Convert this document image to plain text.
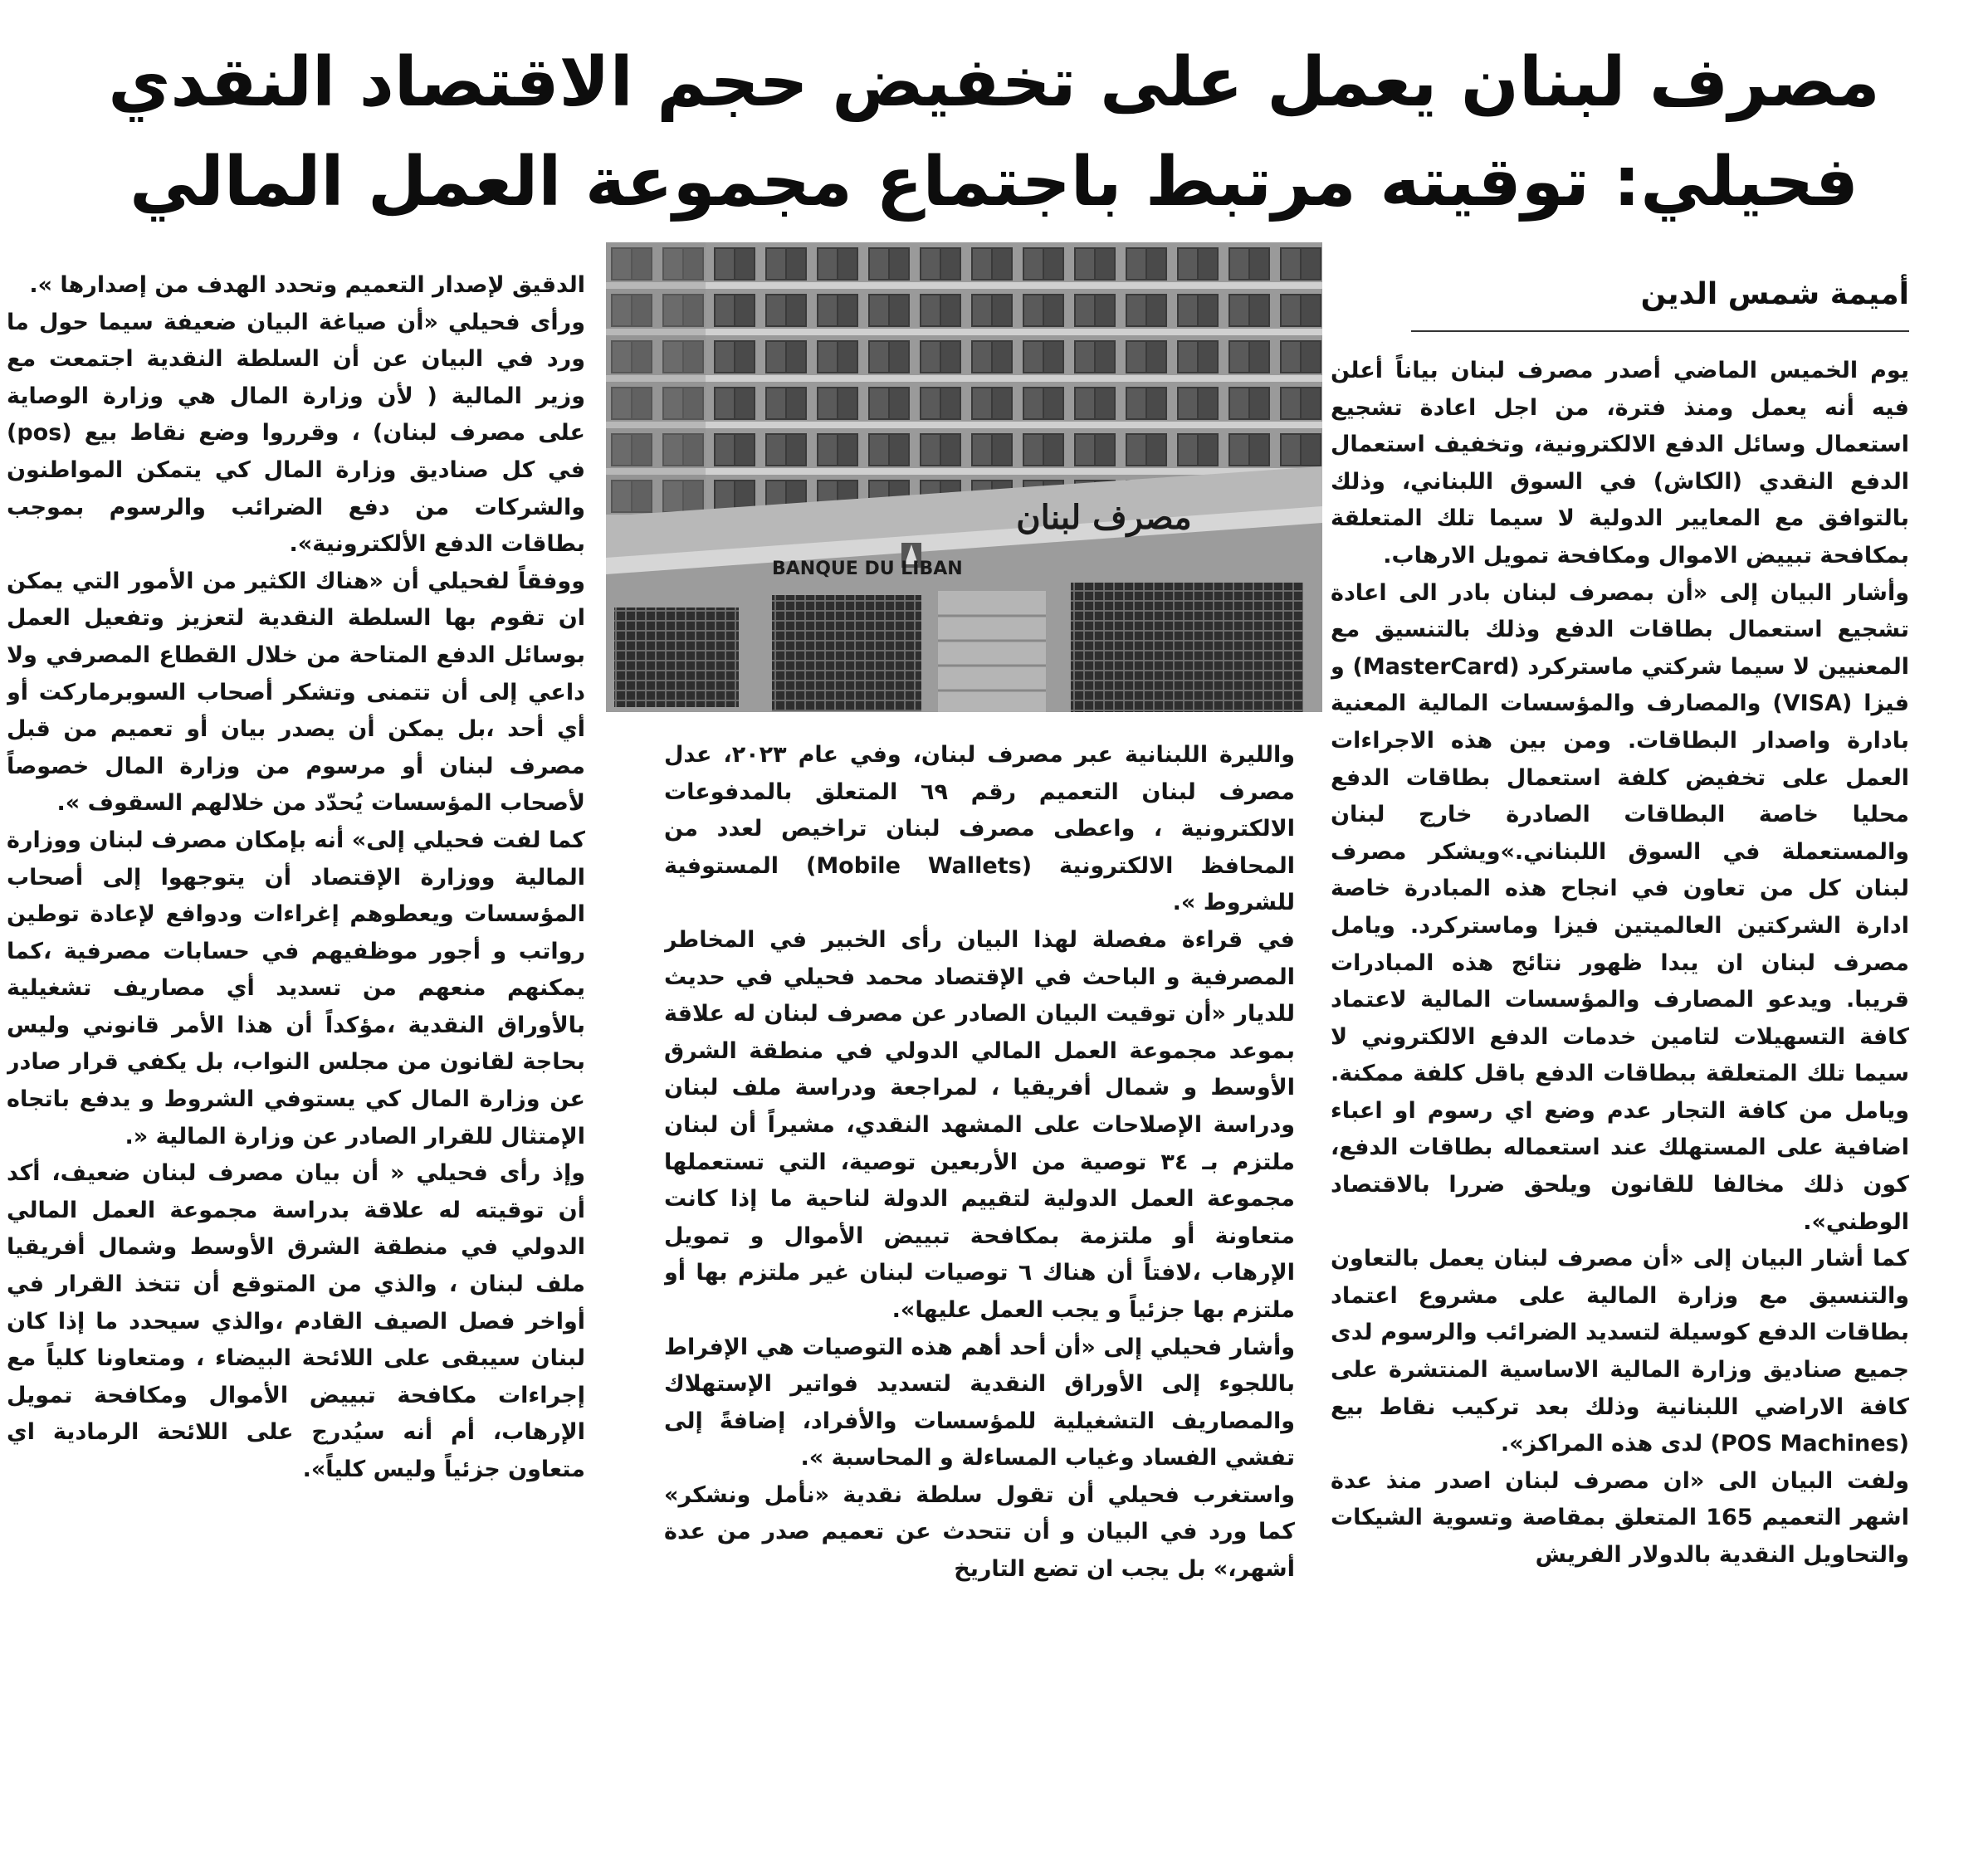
مصرف لبنان يعمل على تخفيض حجم الاقتصاد النقدي
فحيلي: توقيته مرتبط باجتماع مجموعة العمل المالي
أميمة شمس الدين
BANQUE DU LIBAN
مصرف لبنان

يوم الخميس الماضي أصدر مصرف لبنان بياناً أعلن فيه أنه يعمل ومنذ فترة، من اجل اعادة تشجيع استعمال وسائل الدفع الالكترونية، وتخفيف استعمال الدفع النقدي (الكاش) في السوق اللبناني، وذلك بالتوافق مع المعايير الدولية لا سيما تلك المتعلقة بمكافحة تبييض الاموال ومكافحة تمويل الارهاب.

وأشار البيان إلى «أن بمصرف لبنان بادر الى اعادة تشجيع استعمال بطاقات الدفع وذلك بالتنسيق مع المعنيين لا سيما شركتي ماستركرد (MasterCard) و فيزا (VISA) والمصارف والمؤسسات المالية المعنية بادارة واصدار البطاقات. ومن بين هذه الاجراءات العمل على تخفيض كلفة استعمال بطاقات الدفع محليا خاصة البطاقات الصادرة خارج لبنان والمستعملة في السوق اللبناني.»ويشكر مصرف لبنان كل من تعاون في انجاح هذه المبادرة خاصة ادارة الشركتين العالميتين فيزا وماستركرد. ويامل مصرف لبنان ان يبدا ظهور نتائج هذه المبادرات قريبا. ويدعو المصارف والمؤسسات المالية لاعتماد كافة التسهيلات لتامين خدمات الدفع الالكتروني لا سيما تلك المتعلقة ببطاقات الدفع باقل كلفة ممكنة. ويامل من كافة التجار عدم وضع اي رسوم او اعباء اضافية على المستهلك عند استعماله بطاقات الدفع، كون ذلك مخالفا للقانون ويلحق ضررا بالاقتصاد الوطني».

كما أشار البيان إلى «أن مصرف لبنان يعمل بالتعاون والتنسيق مع وزارة المالية على مشروع اعتماد بطاقات الدفع كوسيلة لتسديد الضرائب والرسوم لدى جميع صناديق وزارة المالية الاساسية المنتشرة على كافة الاراضي اللبنانية وذلك بعد تركيب نقاط بيع (POS Machines) لدى هذه المراكز».

ولفت البيان الى «ان مصرف لبنان اصدر منذ عدة اشهر التعميم 165 المتعلق بمقاصة وتسوية الشيكات والتحاويل النقدية بالدولار الفريش

والليرة اللبنانية عبر مصرف لبنان، وفي عام ٢٠٢٣، عدل مصرف لبنان التعميم رقم ٦٩ المتعلق بالمدفوعات الالكترونية ، واعطى مصرف لبنان تراخيص لعدد من المحافظ الالكترونية (Mobile Wallets) المستوفية للشروط ».

في قراءة مفصلة لهذا البيان رأى الخبير في المخاطر المصرفية و الباحث في الإقتصاد محمد فحيلي في حديث للديار «أن توقيت البيان الصادر عن مصرف لبنان له علاقة بموعد مجموعة العمل المالي الدولي في منطقة الشرق الأوسط و شمال أفريقيا ، لمراجعة ودراسة ملف لبنان ودراسة الإصلاحات على المشهد النقدي، مشيراً أن لبنان ملتزم بـ ٣٤ توصية من الأربعين توصية، التي تستعملها مجموعة العمل الدولية لتقييم الدولة لناحية ما إذا كانت متعاونة أو ملتزمة بمكافحة تبييض الأموال و تمويل الإرهاب ،لافتاً أن هناك ٦ توصيات لبنان غير ملتزم بها أو ملتزم بها جزئياً و يجب العمل عليها».

وأشار فحيلي إلى «أن أحد أهم هذه التوصيات هي الإفراط باللجوء إلى الأوراق النقدية لتسديد فواتير الإستهلاك والمصاريف التشغيلية للمؤسسات والأفراد، إضافةً إلى تفشي الفساد وغياب المساءلة و المحاسبة ».

واستغرب فحيلي أن تقول سلطة نقدية «نأمل ونشكر» كما ورد في البيان و أن تتحدث عن تعميم صدر من عدة أشهر،» بل يجب ان تضع التاريخ

الدقيق لإصدار التعميم وتحدد الهدف من إصدارها ».

ورأى فحيلي «أن صياغة البيان ضعيفة سيما حول ما ورد في البيان عن أن السلطة النقدية اجتمعت مع وزير المالية ( لأن وزارة المال هي وزارة الوصاية على مصرف لبنان) ، وقرروا وضع نقاط بيع (pos) في كل صناديق وزارة المال كي يتمكن المواطنون والشركات من دفع الضرائب والرسوم بموجب بطاقات الدفع الألكترونية».

ووفقاً لفحيلي أن «هناك الكثير من الأمور التي يمكن ان تقوم بها السلطة النقدية لتعزيز وتفعيل العمل بوسائل الدفع المتاحة من خلال القطاع المصرفي ولا داعي إلى أن تتمنى وتشكر أصحاب السوبرماركت أو أي أحد ،بل يمكن أن يصدر بيان أو تعميم من قبل مصرف لبنان أو مرسوم من وزارة المال خصوصاً لأصحاب المؤسسات يُحدّد من خلالهم السقوف ».

كما لفت فحيلي إلى» أنه بإمكان مصرف لبنان ووزارة المالية ووزارة الإقتصاد أن يتوجهوا إلى أصحاب المؤسسات ويعطوهم إغراءات ودوافع لإعادة توطين رواتب و أجور موظفيهم في حسابات مصرفية ،كما يمكنهم منعهم من تسديد أي مصاريف تشغيلية بالأوراق النقدية ،مؤكداً أن هذا الأمر قانوني وليس بحاجة لقانون من مجلس النواب، بل يكفي قرار صادر عن وزارة المال كي يستوفي الشروط و يدفع باتجاه الإمتثال للقرار الصادر عن وزارة المالية «.

وإذ رأى فحيلي « أن بيان مصرف لبنان ضعيف، أكد أن توقيته له علاقة بدراسة مجموعة العمل المالي الدولي في منطقة الشرق الأوسط وشمال أفريقيا ملف لبنان ، والذي من المتوقع أن تتخذ القرار في أواخر فصل الصيف القادم ،والذي سيحدد ما إذا كان لبنان سيبقى على اللائحة البيضاء ، ومتعاونا كلياً مع إجراءات مكافحة تبييض الأموال ومكافحة تمويل الإرهاب، أم أنه سيُدرج على اللائحة الرمادية اي متعاون جزئياً وليس كلياً».
